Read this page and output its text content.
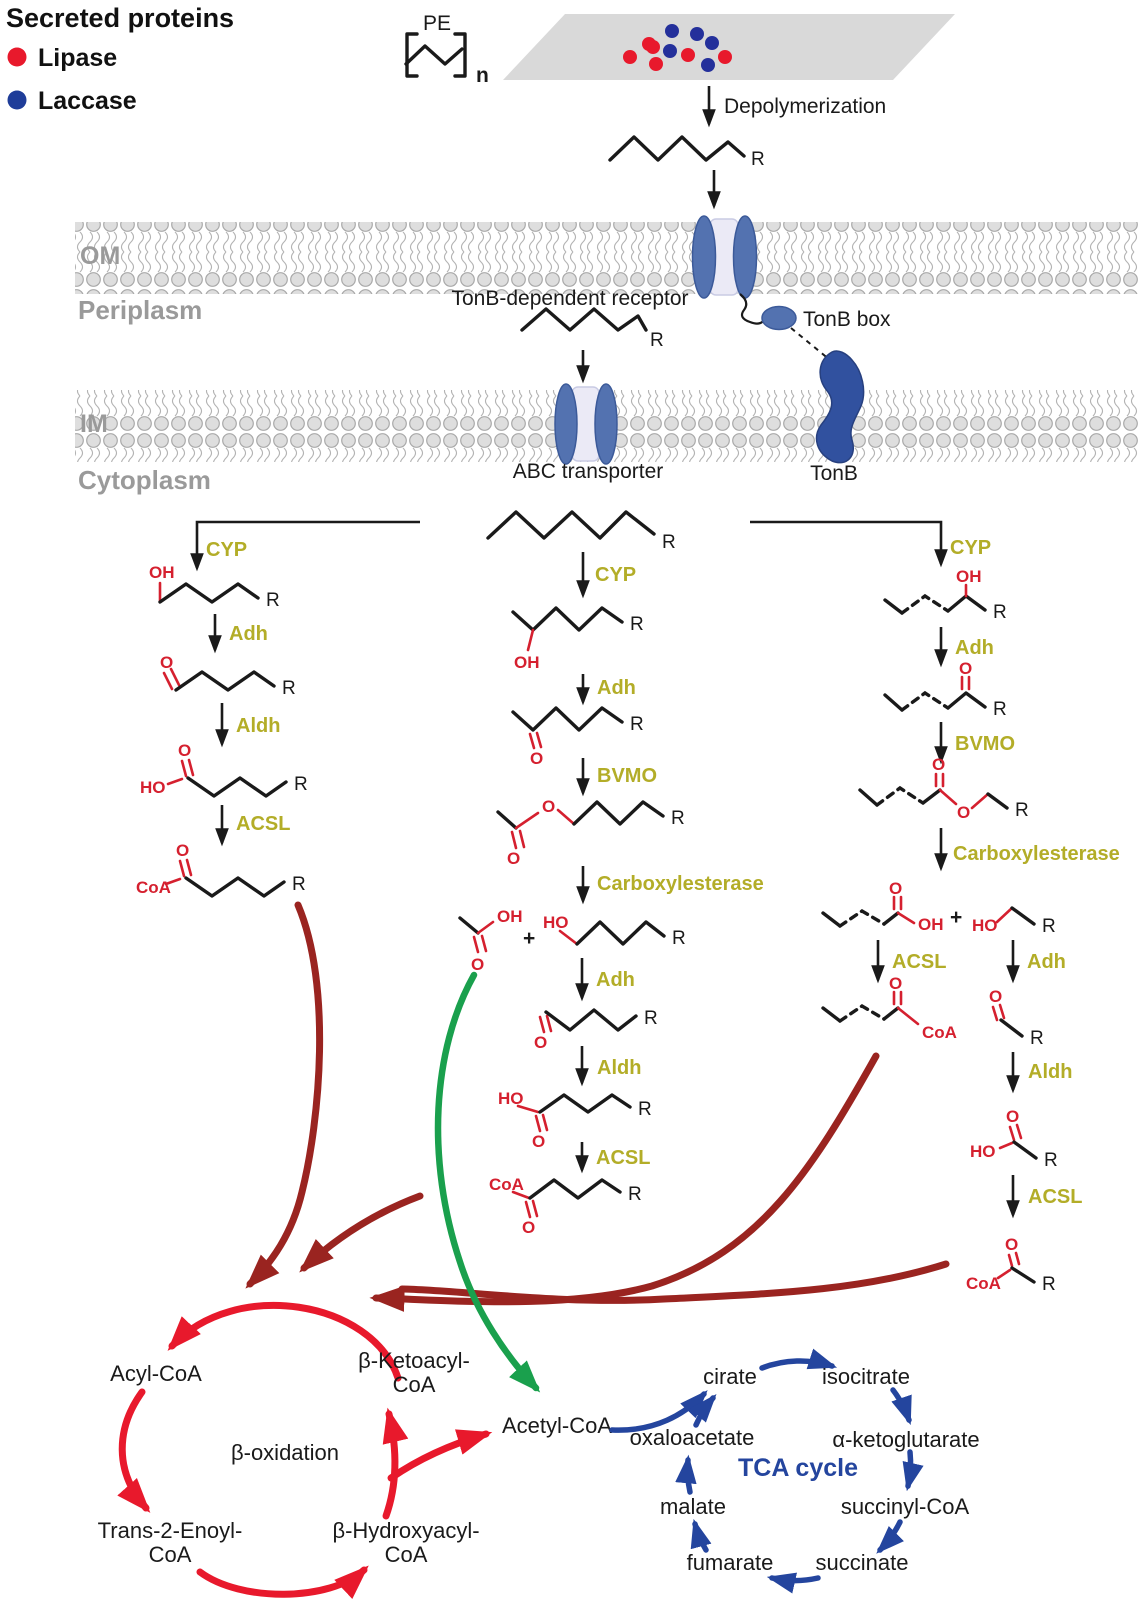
Secreted proteins
Lipase
Laccase
PE
n
Depolymerization
R
OM
TonB-dependent receptor
Periplasm	TonB box
R
IM
TonB
ABC transporter
Cytoplasm
R
CYP
CYP
CYP
OH
R
Adh
O
R
Aldh
O
HO	R
ACSL
O
CoA	R
R
OH
Adh
R
O
BVMO
O
O
R
Carboxylesterase
OH
O
+
HO
R
Adh
O
R
Aldh
HO
O
R
ACSL
CoA
O
R
OH
R
Adh
O
R
BVMO
O
O R
Carboxylesterase
O
OH + HO R
ACSL	Adh
O
CoA
O
R
Aldh
O
HO	R
ACSL
O
CoA R
Acyl-CoA
β-Ketoacyl-
CoA
β-oxidation
Trans-2-Enoyl-
CoA
β-Hydroxyacyl-
CoA
Acetyl-CoA
cirate	isocitrate
α-ketoglutarate
succinyl-CoA
succinate
fumarate
malate
oxaloacetate
TCA cycle
